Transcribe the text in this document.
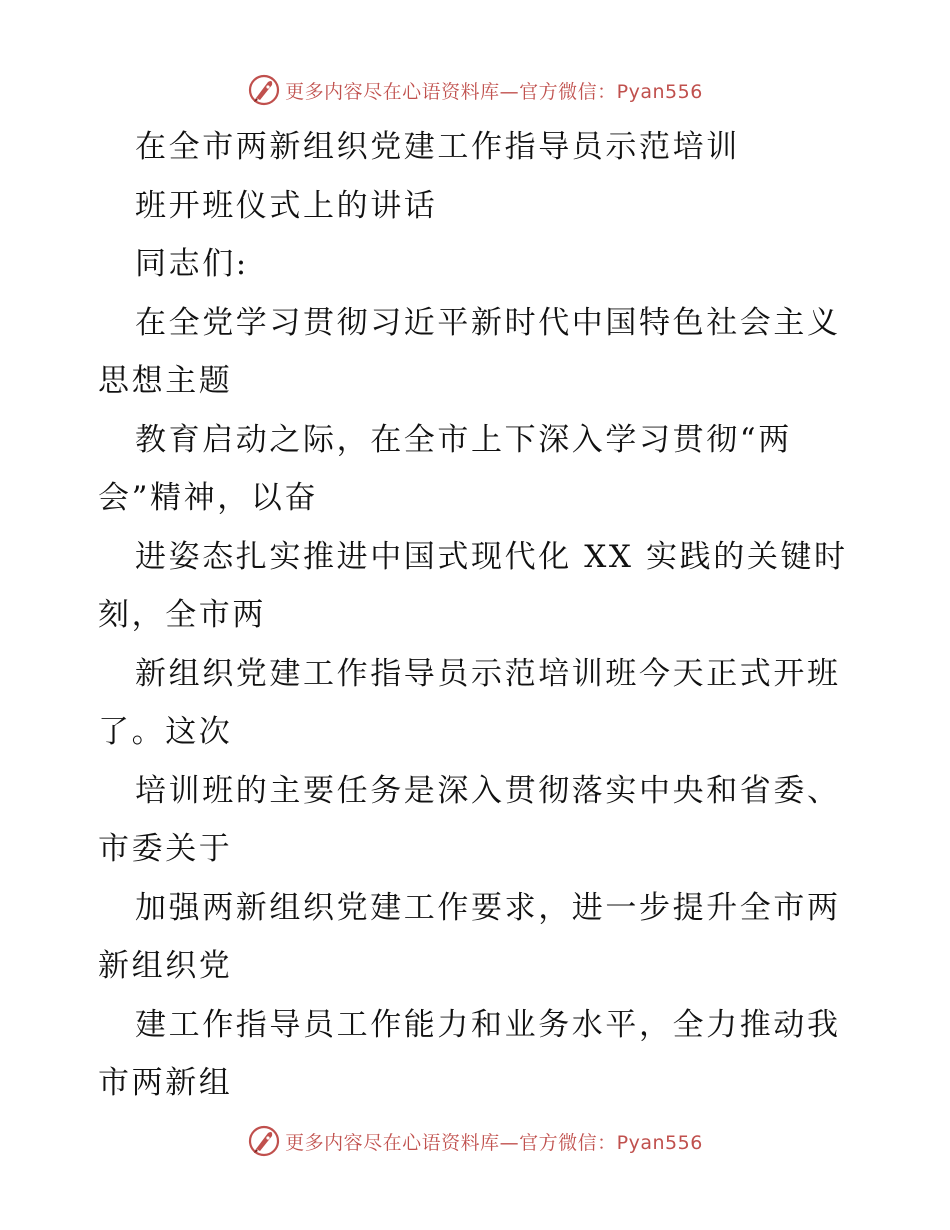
更多内容尽在心语资料库—官方微信：Pyan556
在全市两新组织党建工作指导员示范培训
班开班仪式上的讲话
同志们:
在全党学习贯彻习近平新时代中国特色社会主义
思想主题
教育启动之际，在全市上下深入学习贯彻“两
会”精神，以奋
进姿态扎实推进中国式现代化 XX 实践的关键时
刻，全市两
新组织党建工作指导员示范培训班今天正式开班
了。这次
培训班的主要任务是深入贯彻落实中央和省委、
市委关于
加强两新组织党建工作要求，进一步提升全市两
新组织党
建工作指导员工作能力和业务水平，全力推动我
市两新组
更多内容尽在心语资料库—官方微信：Pyan556
